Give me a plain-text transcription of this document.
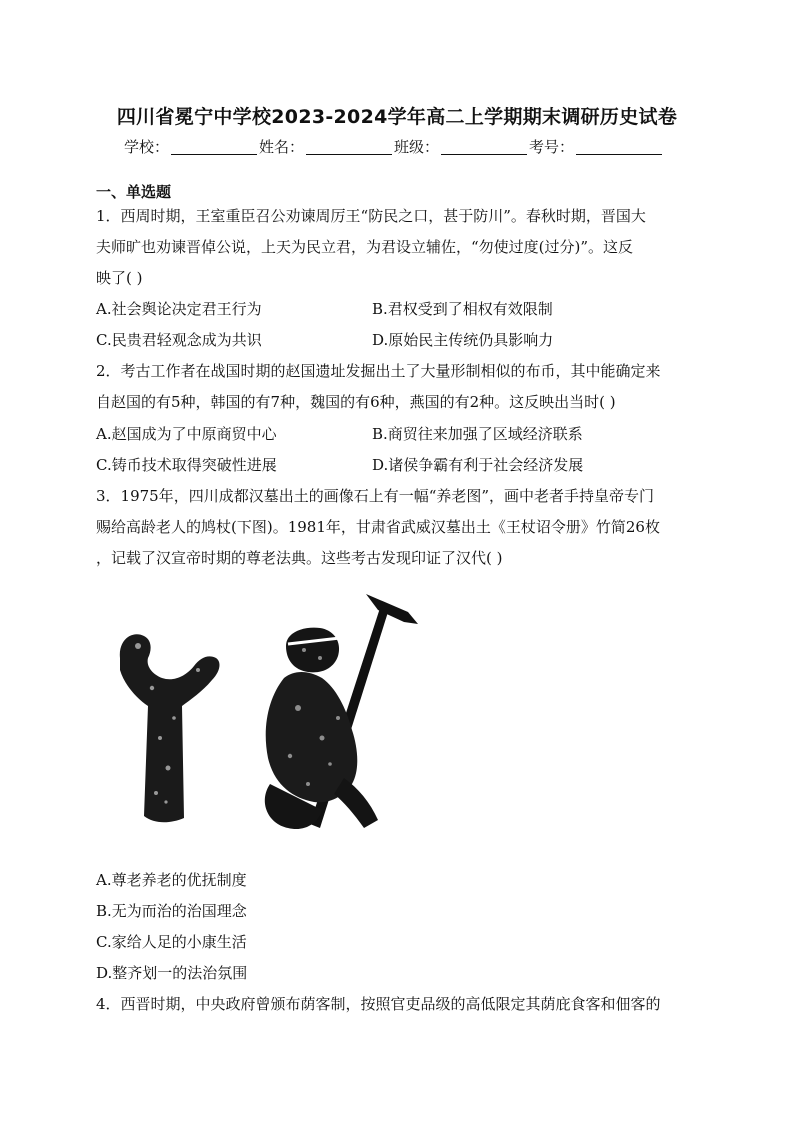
四川省冕宁中学校2023-2024学年高二上学期期末调研历史试卷
学校：	姓名：	班级：	考号：
一、单选题
1．西周时期，王室重臣召公劝谏周厉王“防民之口，甚于防川”。春秋时期，晋国大
夫师旷也劝谏晋倬公说，上天为民立君，为君设立辅佐，“勿使过度(过分)”。这反
映了( )
A.社会舆论决定君王行为	B.君权受到了相权有效限制
C.民贵君轻观念成为共识	D.原始民主传统仍具影响力
2．考古工作者在战国时期的赵国遗址发掘出土了大量形制相似的布币，其中能确定来
自赵国的有5种，韩国的有7种，魏国的有6种，燕国的有2种。这反映出当时( )
A.赵国成为了中原商贸中心	B.商贸往来加强了区域经济联系
C.铸币技术取得突破性进展	D.诸侯争霸有利于社会经济发展
3．1975年，四川成都汉墓出土的画像石上有一幅“养老图”，画中老者手持皇帝专门
赐给高龄老人的鸠杖(下图)。1981年，甘肃省武威汉墓出土《王杖诏令册》竹简26枚
，记载了汉宣帝时期的尊老法典。这些考古发现印证了汉代( )
A.尊老养老的优抚制度
B.无为而治的治国理念
C.家给人足的小康生活
D.整齐划一的法治氛围
4．西晋时期，中央政府曾颁布荫客制，按照官吏品级的高低限定其荫庇食客和佃客的
